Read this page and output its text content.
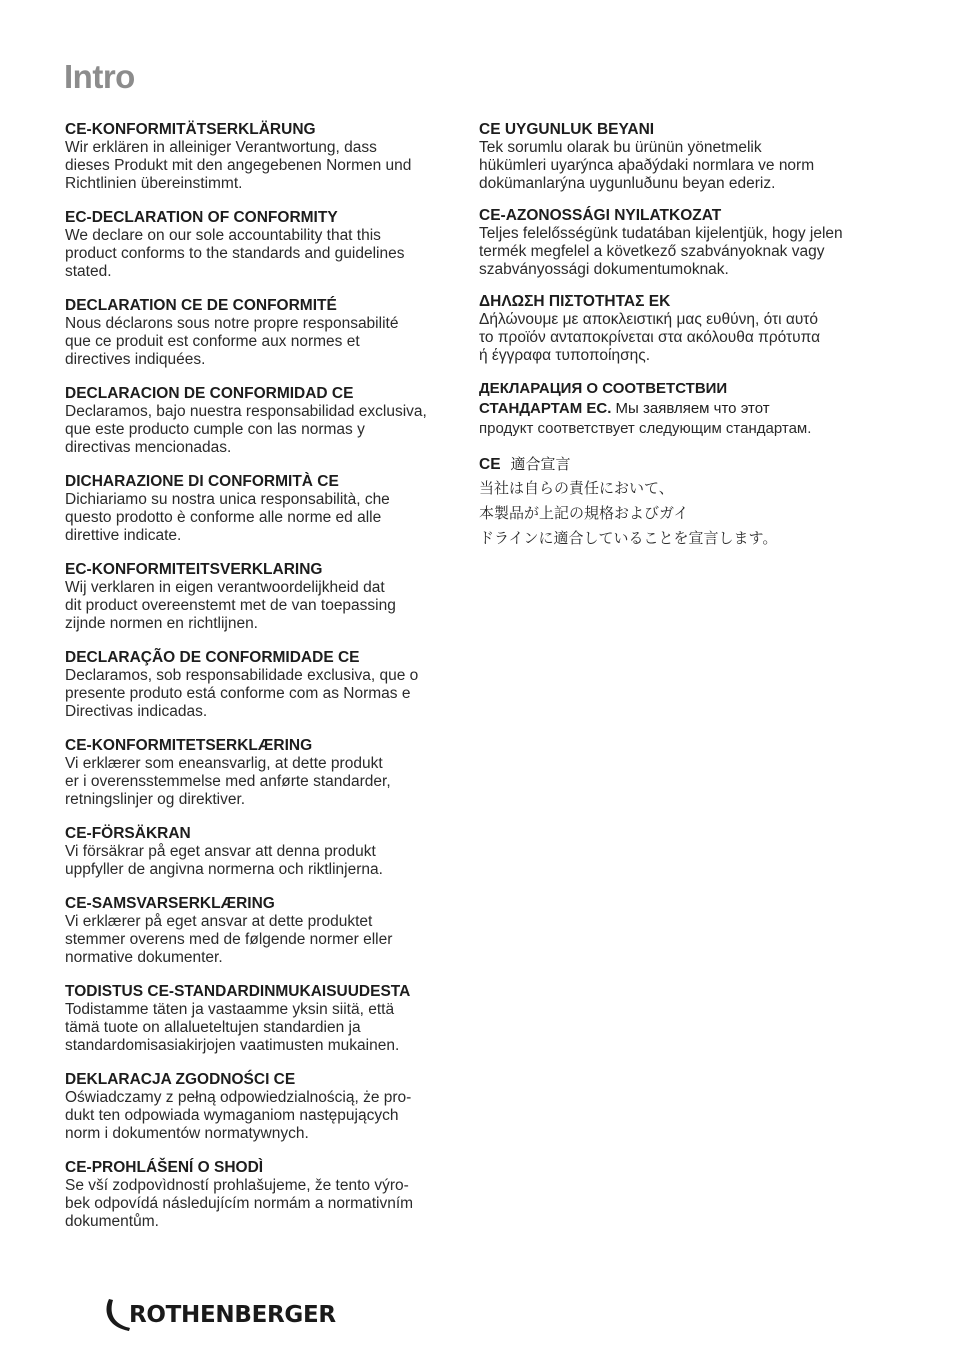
Intro
CE-KONFORMITÄTSERKLÄRUNG
Wir erklären in alleiniger Verantwortung, dass
dieses Produkt mit den angegebenen Normen und
Richtlinien übereinstimmt.
EC-DECLARATION OF CONFORMITY
We declare on our sole accountability that this
product conforms to the standards and guidelines
stated.
DECLARATION CE DE CONFORMITÉ
Nous déclarons sous notre propre responsabilité
que ce produit est conforme aux normes et
directives indiquées.
DECLARACION DE CONFORMIDAD CE
Declaramos, bajo nuestra responsabilidad exclusiva,
que este producto cumple con las normas y
directivas mencionadas.
DICHARAZIONE DI CONFORMITÀ CE
Dichiariamo su nostra unica responsabilità, che
questo prodotto è conforme alle norme ed alle
direttive indicate.
EC-KONFORMITEITSVERKLARING
Wij verklaren in eigen verantwoordelijkheid dat
dit product overeenstemt met de van toepassing
zijnde normen en richtlijnen.
DECLARAÇÃO DE CONFORMIDADE CE
Declaramos, sob responsabilidade exclusiva, que o
presente produto está conforme com as Normas e
Directivas indicadas.
CE-KONFORMITETSERKLÆRING
Vi erklærer som eneansvarlig, at dette produkt
er i overensstemmelse med anførte standarder,
retningslinjer og direktiver.
CE-FÖRSÄKRAN
Vi försäkrar på eget ansvar att denna produkt
uppfyller de angivna normerna och riktlinjerna.
CE-SAMSVARSERKLÆRING
Vi erklærer på eget ansvar at dette produktet
stemmer overens med de følgende normer eller
normative dokumenter.
TODISTUS CE-STANDARDINMUKAISUUDESTA
Todistamme täten ja vastaamme yksin siitä, että
tämä tuote on allalueteltujen standardien ja
standardomisasiakirjojen vaatimusten mukainen.
DEKLARACJA ZGODNOŚCI CE
Oświadczamy z pełną odpowiedzialnością, że pro-
dukt ten odpowiada wymaganiom następujących
norm i dokumentów normatywnych.
CE-PROHLÁŠENÍ O SHODÌ
Se vší zodpovìdností prohlašujeme, že tento výro-
bek odpovídá následujícím normám a normativním
dokumentům.
CE UYGUNLUK BEYANI
Tek sorumlu olarak bu ürünün yönetmelik
hükümleri uyarýnca aþaðýdaki normlara ve norm
dokümanlarýna uygunluðunu beyan ederiz.
CE-AZONOSSÁGI NYILATKOZAT
Teljes felelősségünk tudatában kijelentjük, hogy jelen
termék megfelel a következő szabványoknak vagy
szabványossági dokumentumoknak.
ΔΗΛΩΣΗ ΠΙΣΤΟΤΗΤΑΣ ΕΚ
Δήλώνουμε με αποκλειστική μας ευθύνη, ότι αυτό
το προϊόν ανταποκρίνεται στα ακόλουθα πρότυπα
ή έγγραφα τυποποίησης.
ДЕКЛАРАЦИЯ О СООТВЕТСТВИИ
СТАНДАРТАМ ЕС. Мы заявляем что этот
продукт соответствует следующим стандартам.
CE 適合宣言
当社は自らの責任において、
本製品が上記の規格およびガイ
ドラインに適合していることを宣言します。
ROTHENBERGER
